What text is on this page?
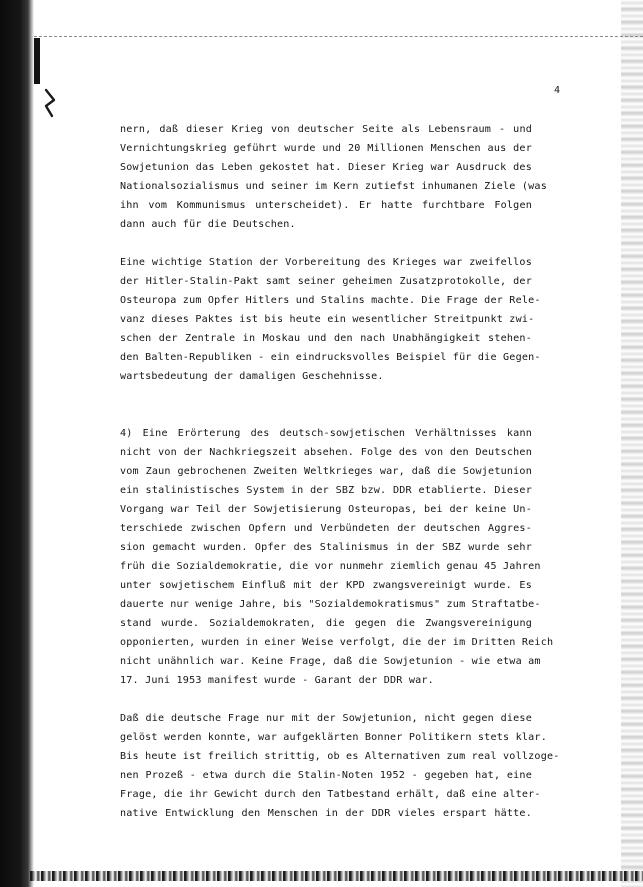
4

nern, daß dieser Krieg von deutscher Seite als Lebensraum - und
Vernichtungskrieg geführt wurde und 20 Millionen Menschen aus der
Sowjetunion das Leben gekostet hat. Dieser Krieg war Ausdruck des
Nationalsozialismus und seiner im Kern zutiefst inhumanen Ziele (was
ihn vom Kommunismus unterscheidet). Er hatte furchtbare Folgen
dann auch für die Deutschen.

Eine wichtige Station der Vorbereitung des Krieges war zweifellos
der Hitler-Stalin-Pakt samt seiner geheimen Zusatzprotokolle, der
Osteuropa zum Opfer Hitlers und Stalins machte. Die Frage der Rele-
vanz dieses Paktes ist bis heute ein wesentlicher Streitpunkt zwi-
schen der Zentrale in Moskau und den nach Unabhängigkeit stehen-
den Balten-Republiken - ein eindrucksvolles Beispiel für die Gegen-
wartsbedeutung der damaligen Geschehnisse.

4) Eine Erörterung des deutsch-sowjetischen Verhältnisses kann
nicht von der Nachkriegszeit absehen. Folge des von den Deutschen
vom Zaun gebrochenen Zweiten Weltkrieges war, daß die Sowjetunion
ein stalinistisches System in der SBZ bzw. DDR etablierte. Dieser
Vorgang war Teil der Sowjetisierung Osteuropas, bei der keine Un-
terschiede zwischen Opfern und Verbündeten der deutschen Aggres-
sion gemacht wurden. Opfer des Stalinismus in der SBZ wurde sehr
früh die Sozialdemokratie, die vor nunmehr ziemlich genau 45 Jahren
unter sowjetischem Einfluß mit der KPD zwangsvereinigt wurde. Es
dauerte nur wenige Jahre, bis "Sozialdemokratismus" zum Straftatbe-
stand wurde. Sozialdemokraten, die gegen die Zwangsvereinigung
opponierten, wurden in einer Weise verfolgt, die der im Dritten Reich
nicht unähnlich war. Keine Frage, daß die Sowjetunion - wie etwa am
17. Juni 1953 manifest wurde - Garant der DDR war.

Daß die deutsche Frage nur mit der Sowjetunion, nicht gegen diese
gelöst werden konnte, war aufgeklärten Bonner Politikern stets klar.
Bis heute ist freilich strittig, ob es Alternativen zum real vollzoge-
nen Prozeß - etwa durch die Stalin-Noten 1952 - gegeben hat, eine
Frage, die ihr Gewicht durch den Tatbestand erhält, daß eine alter-
native Entwicklung den Menschen in der DDR vieles erspart hätte.
